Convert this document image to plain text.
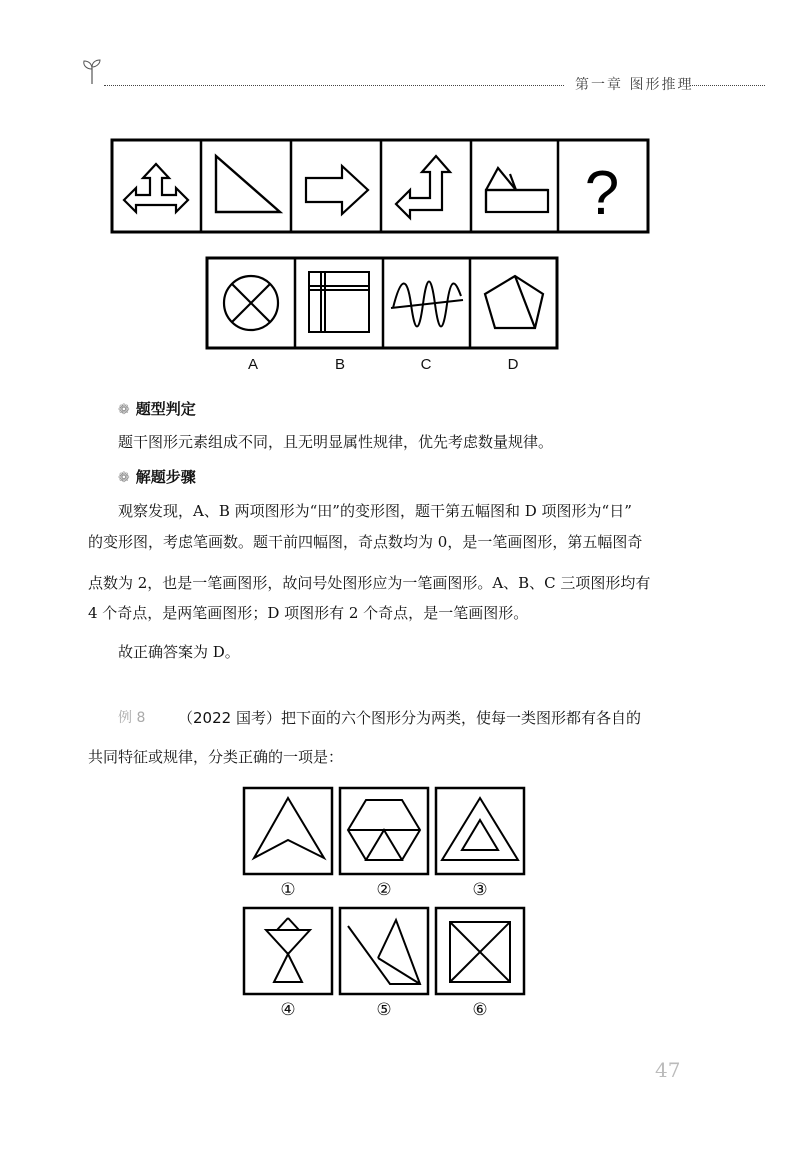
第一章 图形推理
?
A	B	C	D
❁ 题型判定
题干图形元素组成不同，且无明显属性规律，优先考虑数量规律。
❁ 解题步骤
观察发现，A、B 两项图形为“田”的变形图，题干第五幅图和 D 项图形为“日”
的变形图，考虑笔画数。题干前四幅图，奇点数均为 0，是一笔画图形，第五幅图奇
点数为 2，也是一笔画图形，故问号处图形应为一笔画图形。A、B、C 三项图形均有
4 个奇点，是两笔画图形；D 项图形有 2 个奇点，是一笔画图形。
故正确答案为 D。
例 8 （2022 国考）把下面的六个图形分为两类，使每一类图形都有各自的
共同特征或规律，分类正确的一项是：
①	②	③
④	⑤	⑥
47
